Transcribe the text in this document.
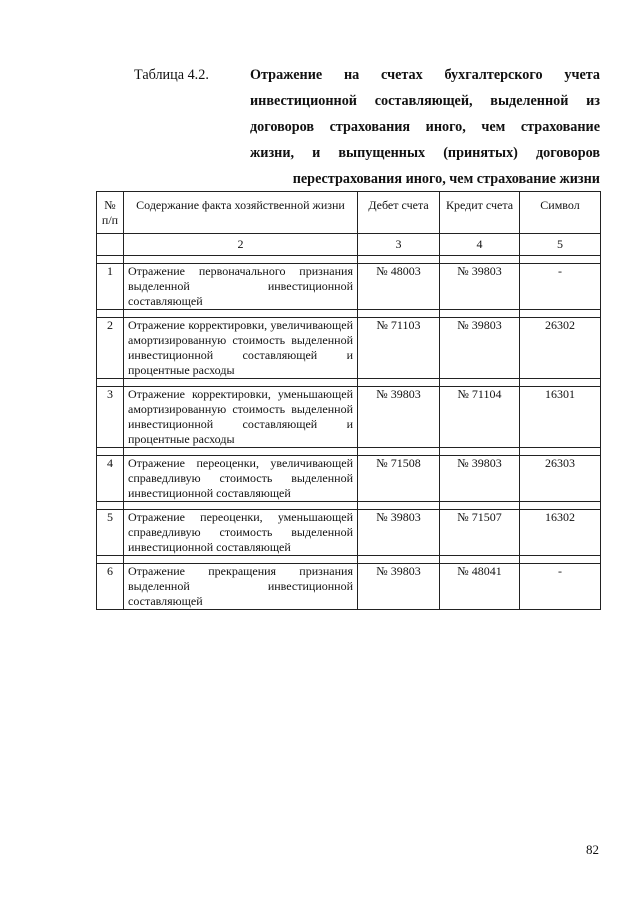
Таблица 4.2.	Отражение на счетах бухгалтерского учета
инвестиционной составляющей, выделенной из
договоров страхования иного, чем страхование
жизни, и выпущенных (принятых) договоров
перестрахования иного, чем страхование жизни
№ п/п	Содержание факта хозяйственной жизни	Дебет счета	Кредит счета	Символ
	2	3	4	5

1	Отражение первоначального признания выделенной инвестиционной составляющей	№ 48003	№ 39803	-

2	Отражение корректировки, увеличивающей амортизированную стоимость выделенной инвестиционной составляющей и процентные расходы	№ 71103	№ 39803	26302

3	Отражение корректировки, уменьшающей амортизированную стоимость выделенной инвестиционной составляющей и процентные расходы	№ 39803	№ 71104	16301

4	Отражение переоценки, увеличивающей справедливую стоимость выделенной инвестиционной составляющей	№ 71508	№ 39803	26303

5	Отражение переоценки, уменьшающей справедливую стоимость выделенной инвестиционной составляющей	№ 39803	№ 71507	16302

6	Отражение прекращения признания выделенной инвестиционной составляющей	№ 39803	№ 48041	-
82
